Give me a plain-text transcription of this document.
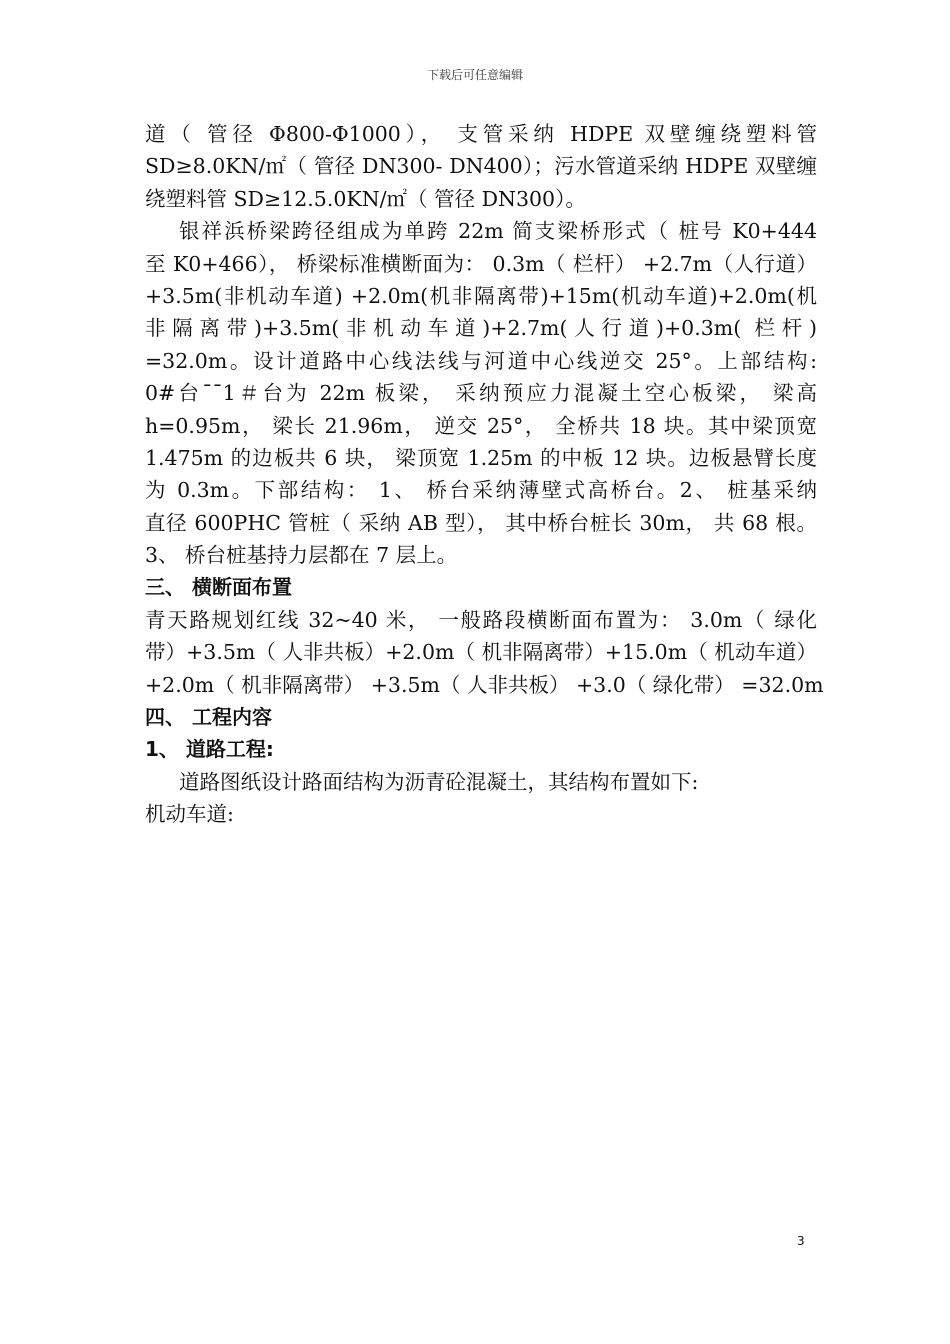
下载后可任意编辑
道（ 管径 Φ800-Φ1000）， 支管采纳 HDPE 双壁缠绕塑料管
SD≥8.0KN/㎡（ 管径 DN300- DN400）；污水管道采纳 HDPE 双壁缠
绕塑料管 SD≥12.5.0KN/㎡（ 管径 DN300）。
银祥浜桥梁跨径组成为单跨 22m 简支梁桥形式（ 桩号 K0+444
至 K0+466）， 桥梁标准横断面为： 0.3m（ 栏杆） +2.7m（人行道）
+3.5m(非机动车道) +2.0m(机非隔离带)+15m(机动车道)+2.0m(机
非隔离带)+3.5m(非机动车道)+2.7m(人行道)+0.3m( 栏杆)
=32.0m。设计道路中心线法线与河道中心线逆交 25°。上部结构:
0#台¯¯1＃台为 22m 板梁， 采纳预应力混凝土空心板梁， 梁高
h=0.95m， 梁长 21.96m， 逆交 25°， 全桥共 18 块。其中梁顶宽
1.475m 的边板共 6 块， 梁顶宽 1.25m 的中板 12 块。边板悬臂长度
为 0.3m。下部结构： 1、 桥台采纳薄壁式高桥台。2、 桩基采纳
直径 600PHC 管桩（ 采纳 AB 型）， 其中桥台桩长 30m， 共 68 根。
3、 桥台桩基持力层都在 7 层上。
三、 横断面布置
青天路规划红线 32~40 米， 一般路段横断面布置为： 3.0m（ 绿化
带）+3.5m（ 人非共板）+2.0m（ 机非隔离带）+15.0m（ 机动车道）
+2.0m（ 机非隔离带） +3.5m（ 人非共板） +3.0（ 绿化带） =32.0m
四、 工程内容
1、 道路工程:
道路图纸设计路面结构为沥青砼混凝土，其结构布置如下:
机动车道:
3
